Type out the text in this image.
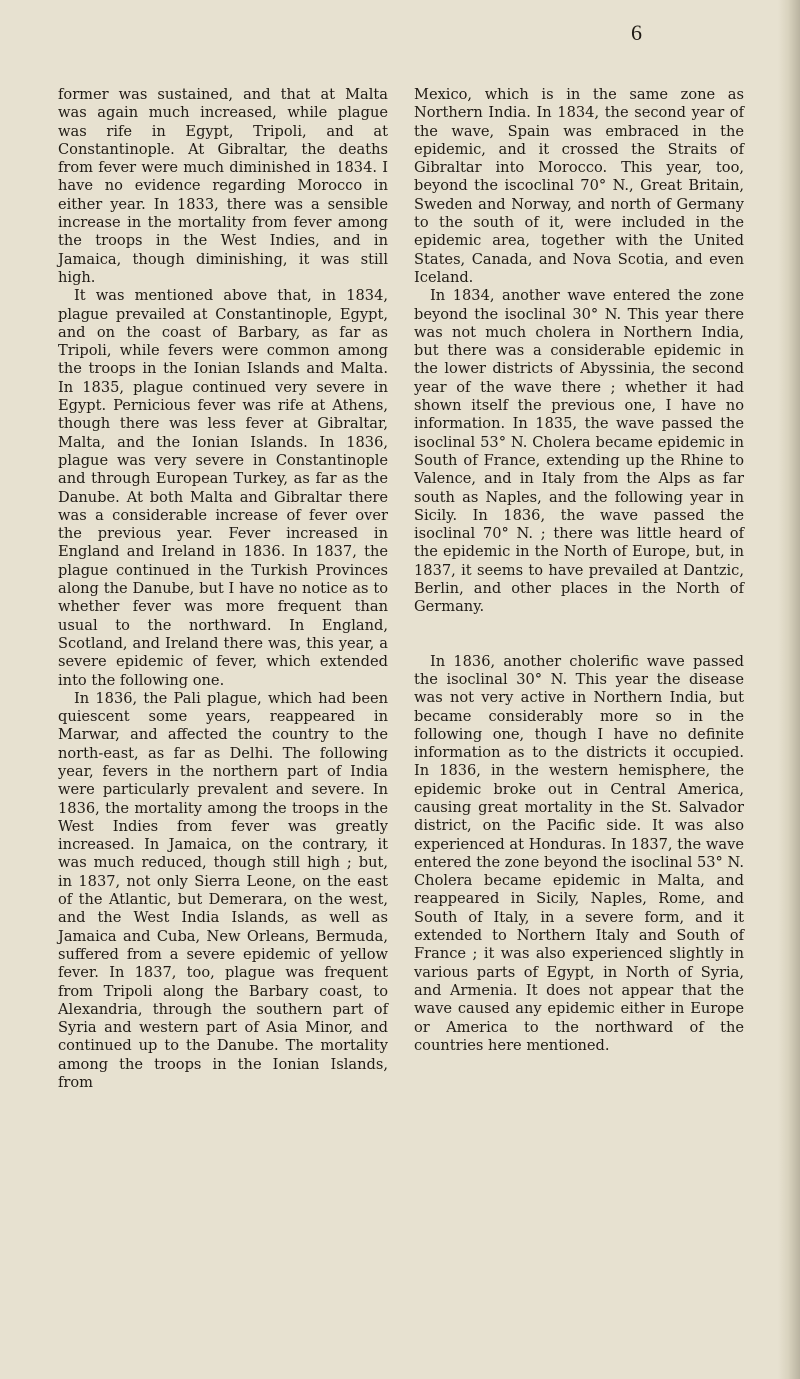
6

former was sustained, and that at Malta was again much increased, while plague was rife in Egypt, Tripoli, and at Constantinople. At Gibraltar, the deaths from fever were much diminished in 1834. I have no evidence regarding Morocco in either year. In 1833, there was a sensible increase in the mortality from fever among the troops in the West Indies, and in Jamaica, though diminishing, it was still high.

It was mentioned above that, in 1834, plague prevailed at Constantinople, Egypt, and on the coast of Barbary, as far as Tripoli, while fevers were common among the troops in the Ionian Islands and Malta. In 1835, plague continued very severe in Egypt. Pernicious fever was rife at Athens, though there was less fever at Gibraltar, Malta, and the Ionian Islands. In 1836, plague was very severe in Constantinople and through European Turkey, as far as the Danube. At both Malta and Gibraltar there was a considerable increase of fever over the previous year. Fever increased in England and Ireland in 1836. In 1837, the plague continued in the Turkish Provinces along the Danube, but I have no notice as to whether fever was more frequent than usual to the northward. In England, Scotland, and Ireland there was, this year, a severe epidemic of fever, which extended into the following one.

In 1836, the Pali plague, which had been quiescent some years, reappeared in Marwar, and affected the country to the north-east, as far as Delhi. The following year, fevers in the northern part of India were particularly prevalent and severe. In 1836, the mortality among the troops in the West Indies from fever was greatly increased. In Jamaica, on the contrary, it was much reduced, though still high ; but, in 1837, not only Sierra Leone, on the east of the Atlantic, but Demerara, on the west, and the West India Islands, as well as Jamaica and Cuba, New Orleans, Bermuda, suffered from a severe epidemic of yellow fever. In 1837, too, plague was frequent from Tripoli along the Barbary coast, to Alexandria, through the southern part of Syria and western part of Asia Minor, and continued up to the Danube. The mortality among the troops in the Ionian Islands, from

Mexico, which is in the same zone as Northern India. In 1834, the second year of the wave, Spain was embraced in the epidemic, and it crossed the Straits of Gibraltar into Morocco. This year, too, beyond the iscoclinal 70° N., Great Britain, Sweden and Norway, and north of Germany to the south of it, were included in the epidemic area, together with the United States, Canada, and Nova Scotia, and even Iceland.

In 1834, another wave entered the zone beyond the isoclinal 30° N. This year there was not much cholera in Northern India, but there was a considerable epidemic in the lower districts of Abyssinia, the second year of the wave there ; whether it had shown itself the previous one, I have no information. In 1835, the wave passed the isoclinal 53° N. Cholera became epidemic in South of France, extending up the Rhine to Valence, and in Italy from the Alps as far south as Naples, and the following year in Sicily. In 1836, the wave passed the isoclinal 70° N. ; there was little heard of the epidemic in the North of Europe, but, in 1837, it seems to have prevailed at Dantzic, Berlin, and other places in the North of Germany.

In 1836, another cholerific wave passed the isoclinal 30° N. This year the disease was not very active in Northern India, but became considerably more so in the following one, though I have no definite information as to the districts it occupied. In 1836, in the western hemisphere, the epidemic broke out in Central America, causing great mortality in the St. Salvador district, on the Pacific side. It was also experienced at Honduras. In 1837, the wave entered the zone beyond the isoclinal 53° N. Cholera became epidemic in Malta, and reappeared in Sicily, Naples, Rome, and South of Italy, in a severe form, and it extended to Northern Italy and South of France ; it was also experienced slightly in various parts of Egypt, in North of Syria, and Armenia. It does not appear that the wave caused any epidemic either in Europe or America to the northward of the countries here mentioned.
